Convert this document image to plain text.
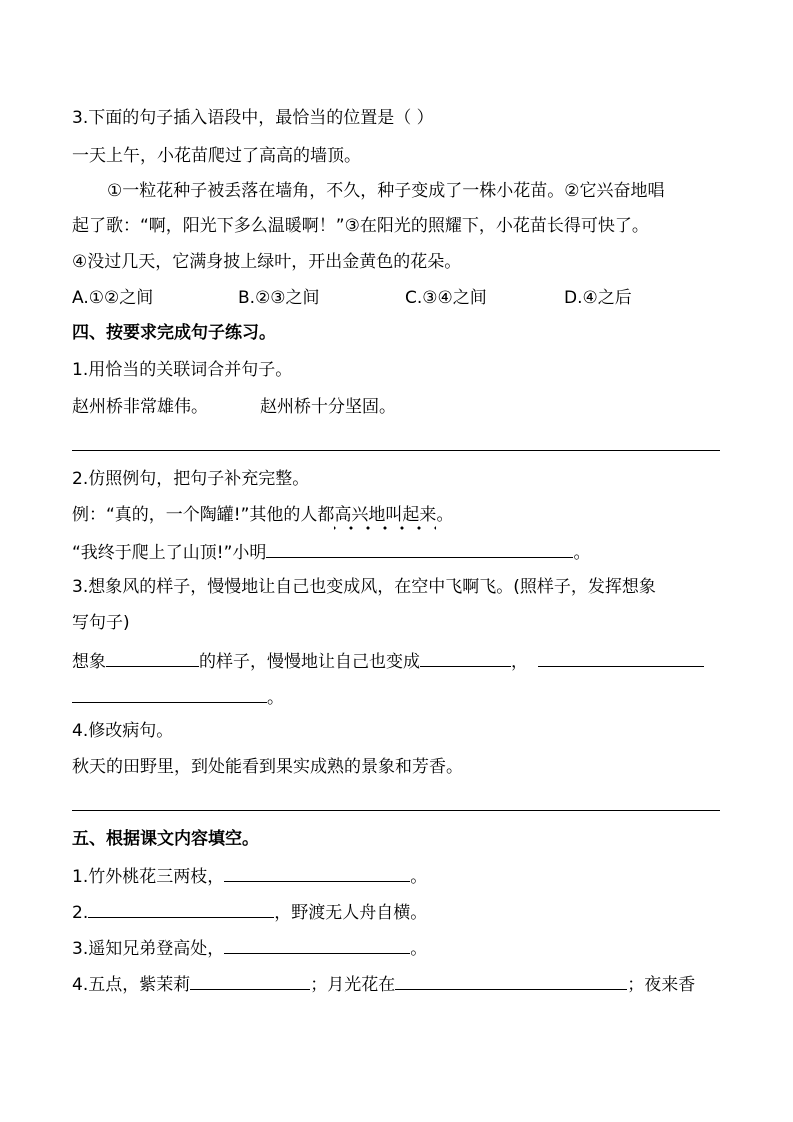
3.下面的句子插入语段中，最恰当的位置是（ ）
一天上午，小花苗爬过了高高的墙顶。
①一粒花种子被丢落在墙角，不久，种子变成了一株小花苗。②它兴奋地唱
起了歌：“啊，阳光下多么温暖啊！”③在阳光的照耀下，小花苗长得可快了。
④没过几天，它满身披上绿叶，开出金黄色的花朵。
A.①②之间	B.②③之间	C.③④之间	D.④之后
四、按要求完成句子练习。
1.用恰当的关联词合并句子。
赵州桥非常雄伟。	赵州桥十分坚固。
2.仿照例句，把句子补充完整。
例：“真的，一个陶罐!”其他的人都高兴地叫起来。
“我终于爬上了山顶!”小明	。
3.想象风的样子，慢慢地让自己也变成风，在空中飞啊飞。(照样子，发挥想象
写句子)
想象	的样子，慢慢地让自己也变成	，
。
4.修改病句。
秋天的田野里，到处能看到果实成熟的景象和芳香。
五、根据课文内容填空。
1.竹外桃花三两枝，	。
2.	，野渡无人舟自横。
3.遥知兄弟登高处，	。
4.五点，紫茉莉	；月光花在	；夜来香
